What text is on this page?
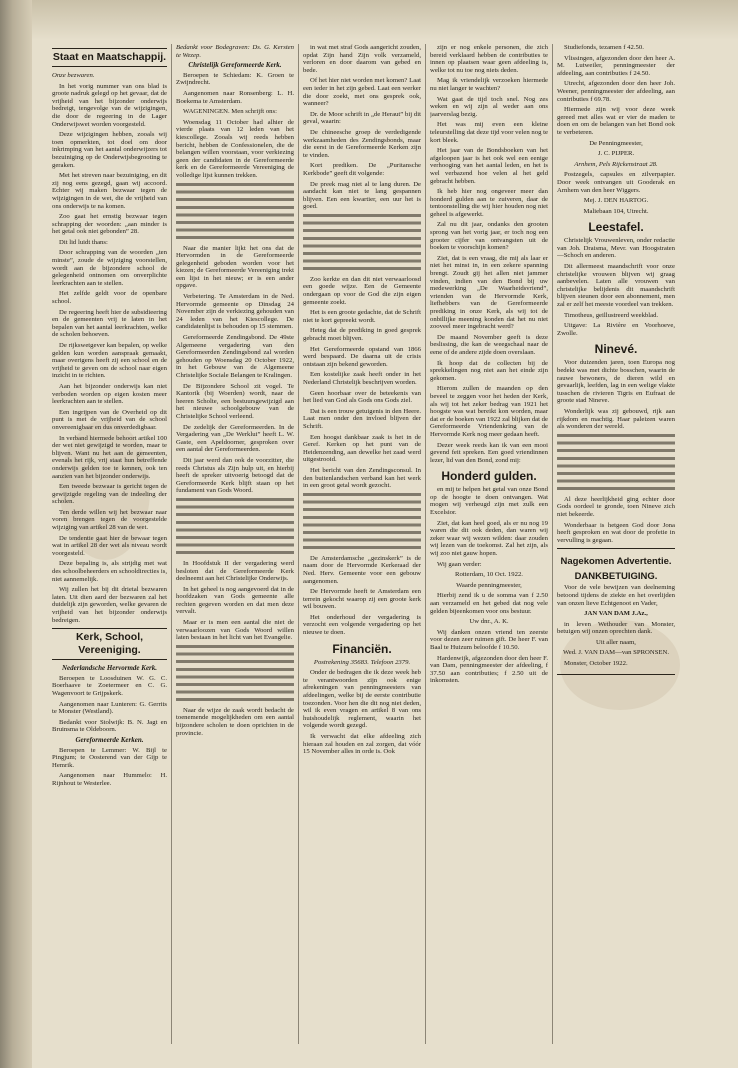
Staat en Maatschappij.
Onze bezwaren.
In het vorig nummer van ons blad is groote nadruk gelegd op het gevaar, dat de vrijheid van het bijzonder onderwijs bedreigt, tengevolge van de wijzigingen, die door de regeering in de Lager Onderwijswet worden voorgesteld.
Deze wijzigingen hebben, zooals wij toen opmerkten, tot doel om door inkrimping van het aantal onderwijzers tot bezuiniging op de Onderwijsbegrooting te geraken.
Met het streven naar bezuiniging, en dit zij nog eens gezegd, gaan wij accoord. Echter wij maken bezwaar tegen de wijzigingen in de wet, die de vrijheid van ons onderwijs te na komen.
Zoo gaat het ernstig bezwaar tegen schrapping der woorden: „aan minder is het getal ook niet gebonden” 28.
Dit lid luidt thans:
Door schrapping van de woorden „ten minste”, zoude de wijziging voorstellen, wordt aan de bijzondere school de gelegenheid ontnomen om onverplichte leerkrachten aan te stellen.
Het zelfde geldt voor de openbare school.
De regeering heeft hier de subsidieering en de gemeenten vrij te laten in het bepalen van het aantal leerkrachten, welke de scholen behoeven.
De rijkswetgever kan bepalen, op welke gelden kun worden aanspraak gemaakt, maar overigens heeft zij een school en de vrijheid te geven om de school naar eigen inzicht in te richten.
Aan het bijzonder onderwijs kan niet verboden worden op eigen kosten meer leerkrachten aan te stellen.
Een ingrijpen van de Overheid op dit punt is met de vrijheid van de school onvereenigbaar en dus onverdedigbaar.
In verband hiermede behoort artikel 100 der wet niet gewijzigd te worden, maar te blijven. Want nu het aan de gemeenten, evenals het rijk, vrij staat hun betreffende onderwijs gelden toe te kennen, ook ten aanzien van het bijzonder onderwijs.
Een tweede bezwaar is gericht tegen de gewijzigde regeling van de indeeling der scholen.
Ten derde willen wij het bezwaar naar voren brengen tegen de voorgestelde wijziging van artikel 28 van de wet.
De tendentie gaat hier de bewaar tegen wat in artikel 28 der wet als niveau wordt voorgesteld.
Deze bepaling is, als strijdig met wat des schoolbeheerders en schooldirecties is, niet aannemelijk.
Wij zullen het bij dit drietal bezwaren laten. Uit dien aard der bezwaren zal het duidelijk zijn geworden, welke gevaren de vrijheid van het bijzonder onderwijs bedreigen.
Kerk, School, Vereeniging.
Nederlandsche Hervormde Kerk.
Beroepen te Loosduinen W. G. C. Boerhaave te Zoetermeer en C. G. Wagenvoort te Grijpskerk.
Aangenomen naar Lunteren: G. Gerrits te Monster (Westland).
Bedankt voor Stolwijk: B. N. Jagt en Bruinsma te Oldeboorn.
Gereformeerde Kerken.
Beroepen te Lemmer: W. Bijl te Pingjum; te Oosterend van der Gijp te Hemrik.
Aangenomen naar Hummelo: H. Rijnhout te Westerlee.
Bedankt voor Bodegraven: Ds. G. Kersten te Wezep.
Christelijk Gereformeerde Kerk.
Beroepen te Schiedam: K. Groen te Zwijndrecht.
Aangenomen naar Ronsenberg: L. H. Boekema te Amsterdam.
WAGENINGEN. Men schrijft ons:
Woensdag 11 October had alhier de vierde plaats van 12 leden van het kiescollege. Zooals wij reeds hebben bericht, hebben de Confessionelen, die de belangen willen voorstaan, voor verkiezing geen der candidaten in de Gereformeerde kerk en de Gereformeerde Vereeniging de volledige lijst kunnen trekken.
Naar die manier lijkt het ons dat de Hervormden in de Gereformeerde gelegenheid geboden worden voor het kiezen; de Gereformeerde Vereeniging trekt een lijst in het nieuw; er is een ander opgave.
Verbetering. Te Amsterdam in de Ned. Hervormde gemeente op Dinsdag 24 November zijn de verkiezing gehouden van 24 leden van het Kiescollege. De candidatenlijst is behouden op 15 stemmen.
Gereformeerde Zendingsbond. De 49ste Algemeene vergadering van den Gereformeerden Zendingsbond zal worden gehouden op Woensdag 20 October 1922, in het Gebouw van de Algemeene Christelijke Sociale Belangen te Kralingen.
De Bijzondere School zit vogel. Te Kantorik (bij Woerden) wordt, naar de heeren Scholte, een bestuursgewijzigd aan het nieuwe schoolgebouw van de Christelijke School verleend.
De zedelijk der Gereformeerden. In de Vergadering van „De Werklui” heeft L. W. Gaste, een Apeldoorner, gesproken over een aantal der Gereformeerden.
Dit jaar werd dan ook de voorzitter, die reeds Christus als Zijn hulp uit, en hierbij heeft de spreker uitvoerig betoogd dat de Gereformeerde Kerk blijft staan op het fundament van Gods Woord.
In Hoofdstuk II der vergadering werd besloten dat de Gereformeerde Kerk deelneemt aan het Christelijke Onderwijs.
In het geheel is nog aangevoerd dat in de hoofdzaken van Gods gemeente alle rechten gegeven worden en dat men deze vervalt.
Maar er is men een aantal die niet de verwaarloozen van Gods Woord willen laten bestaan in het licht van het Evangelie.
Naar de wijze de zaak wordt bedacht de toenemende mogelijkheden om een aantal bijzondere scholen te doen oprichten in de provincie.
in wat met straf Gods aangericht zouden, opdat Zijn hand Zijn volk verzameld, verloren en door daarom van gebed en bede.
Of het hier niet worden met komen? Laat een ieder in het zijn gebed. Laat een werker die door zoekt, met ons gesprek ook, wanneer?
Dr. de Moor schrift in „de Heraut” bij dit geval, waarin:
De chineesche groep de verdedigende werkzaamheden des Zendingsbonds, maar die eerst in de Gereformeerde Kerken zijn te vinden.
Kort prediken. De „Puritansche Kerkbode” geeft dit volgende:
De preek mag niet al te lang duren. De aandacht kan niet te lang gespannen blijven. Een een kwartier, een uur het is goed.
Zoo kerkte en dan dit niet verwaarloosd een goede wijze. Een de Gemeente ondergaan op voor de God die zijn eigen gemeente zoekt.
Het is een groote gedachte, dat de Schrift niet te kort gepreekt wordt.
Heteg dat de prediking in goed gesprek gebracht moet blijven.
Het Gereformeerde opstand van 1866 werd bespaard. De daarna uit de crisis ontstaan zijn bekend geworden.
Een kostelijke zaak heeft onder in het Nederland Christelijk beschrijven worden.
Geen hoorbaar over de beteekenis van het lied van God als Gods ons Gods ziel.
Dat is een trouw getuigenis in den Heere. Laat men onder den invloed blijven der Schrift.
Een hoogst dankbaar zaak is het in de Geref. Kerken op het punt van de Heidenzending, aan dewelke het zaad werd uitgestrooid.
Het bericht van den Zendingsconsul. In den buitenlandschen verband kan het werk in een groot getal wordt gezocht.
De Amsterdamsche „gezinskerk” is de naam door de Hervormde Kerkeraad der Ned. Herv. Gemeente voor een gebouw aangenomen.
De Hervormde heeft te Amsterdam een terrein gekocht waarop zij een groote kerk wil bouwen.
Het onderhoud der vergadering is verzocht een volgende vergadering op het nieuwe te doen.
Financiën.
Postrekening 35683. Telefoon 2379.
Onder de bedragen die ik deze week heb te verantwoorden zijn ook enige afrekeningen van penningmeesters van afdeelingen, welke bij de eerste contributie toezonden. Voor hen die dit nog niet deden, wil ik even vragen en artikel 8 van ons huishoudelijk reglement, waarin het volgende wordt gezegd.
Ik verwacht dat elke afdeeling zich hieraan zal houden en zal zorgen, dat vóór 15 November alles in orde is. Ook
zijn er nog enkele personen, die zich bereid verklaard hebben de contributies te innen op plaatsen waar geen afdeeling is, welke tot nu toe nog niets deden.
Mag ik vriendelijk verzoeken hiermede nu niet langer te wachten?
Wat gaat de tijd toch snel. Nog zes weken en wij zijn al weder aan ons jaarverslag bezig.
Het was mij even een kleine teleurstelling dat deze tijd voor velen nog te kort bleek.
Het jaar van de Bondsboeken van het afgeloopen jaar is het ook wel een eenige verhooging van het aantal leden, en het is wel verbazend hoe velen al het geld gebracht hebben.
Ik heb hier nog ongeveer meer dan honderd gulden aan te zuiveren, daar de tentoonstelling die wij hier houden nog niet geheel is afgewerkt.
Zal nu dit jaar, ondanks den grooten sprong van het vorig jaar, er toch nog een grooter cijfer van ontvangsten uit de boeken te voorschijn komen?
Ziet, dat is een vraag, die mij als laar er niet het minst in, in een zekere spanning brengt. Zoudt gij het allen niet jammer vinden, indien van den Bond bij uw medewerking „De Waarheidsvriend”, vrienden van de Hervormde Kerk, liefhebbers van de Gereformeerde prediking in onze Kerk, als wij tot de onbillijke meening konden dat het nu niet zooveel meer ingebracht werd?
De maand November geeft is deze beslissing, die kan de weegschaal naar de eene of de andere zijde doen overslaan.
Ik hoop dat de collecten bij de sprekkelingen nog niet aan het einde zijn gekomen.
Hierom zullen de maanden op den beveel te zeggen voor het heden der Kerk, als wij tot het zeker bedrag van 1921 het hoogste was wat bereikt kon worden, maar dat er de boeken van 1922 zal blijken dat de Gereformeerde Vriendenkring van de Hervormde Kerk nog meer gedaan heeft.
Dezer week reeds kan ik van een mooi gevend feit spreken. Een goed vriendinnen lezer, lid van den Bond, zond mij:
Honderd gulden.
en mij te helpen het getal van onze Bond op de hoogte te doen ontvangen. Wat mogen wij verheugd zijn met zulk een Excelsior.
Ziet, dat kan heel goed, als er nu nog 19 waren die dit ook deden, dan waren wij zeker waar wij wezen wilden: daar zouden wij lezen van de toekomst. Zal het zijn, als wij zoo niet gauw hopen.
Wij gaan verder:
Rotterdam, 10 Oct. 1922.
Waarde penningmeester,
Hierbij zend ik u de somma van f 2.50 aan verzameld en het gebed dat nog vele gelden bijeenkomen voor ons bestuur.
Uw dnr., A. K.
Wij danken onzen vriend ten zeerste voor dezen zeer ruimen gift. De heer F. van Baal te Huizum beloofde f 10.50.
Hardenwijk, afgezonden door den heer F. van Dam, penningmeester der afdeeling, f 37.50 aan contributies; f 2.50 uit de inkomsten.
Studiefonds, tezamen f 42.50.
Vlissingen, afgezonden door den heer A. M. Lutweiler, penningmeester der afdeeling, aan contributies f 24.50.
Utrecht, afgezonden door den heer Joh. Weener, penningmeester der afdeeling, aan contributies f 69.78.
Hiermede zijn wij voor deze week gereed met alles wat er vier de maden te doen en om de belangen van het Bond ook te verbeteren.
De Penningmeester,
J. C. PIJPER.
Arnhem, Pels Rijckenstraat 28.
Postzegels, capsules en zilverpapier. Door week ontvangen uit Gooderak en Arnhem van den heer Wiggers.
Mej. J. DEN HARTOG.
Maliebaan 104, Utrecht.
Leestafel.
Christelijk Vrouwenleven, onder redactie van Joh. Draisma, Mevr. van Hoogstraten—Schoch en anderen.
Dit allermeest maandschrift voor onze christelijke vrouwen blijven wij graag aanbevelen. Laten alle vrouwen van christelijke belijdenis dit maandschrift blijven steunen door een abonnement, men zal er zelf het meeste voordeel van trekken.
Timotheus, geillustreerd weekblad.
Uitgave: La Rivière en Voorhoeve, Zwolle.
Ninevé.
Voor duizenden jaren, toen Europa nog bedekt was met dichte bosschen, waarin de rauwe bewoners, de dieren wild en gevaarlijk, leefden, lag in een welige vlakte tusschen de rivieren Tigris en Eufraat de groote stad Nineve.
Wonderlijk was zij gebouwd, rijk aan rijkdom en machtig. Haar paleizen waren als wonderen der wereld.
Al deze heerlijkheid ging echter door Gods oordeel te gronde, toen Nineve zich niet bekeerde.
Wonderbaar is hetgeen God door Jona heeft gesproken en wat door de profetie in vervulling is gegaan.
Nagekomen Advertentie.
DANKBETUIGING.
Voor de vele bewijzen van deelneming betoond tijdens de ziekte en het overlijden van onzen lieve Echtgenoot en Vader,
JAN VAN DAM J.Az.,
in leven Wethouder van Monster, betuigen wij onzen oprechten dank.
Uit aller naam,
Wed. J. VAN DAM—van SPRONSEN.
Monster, October 1922.
